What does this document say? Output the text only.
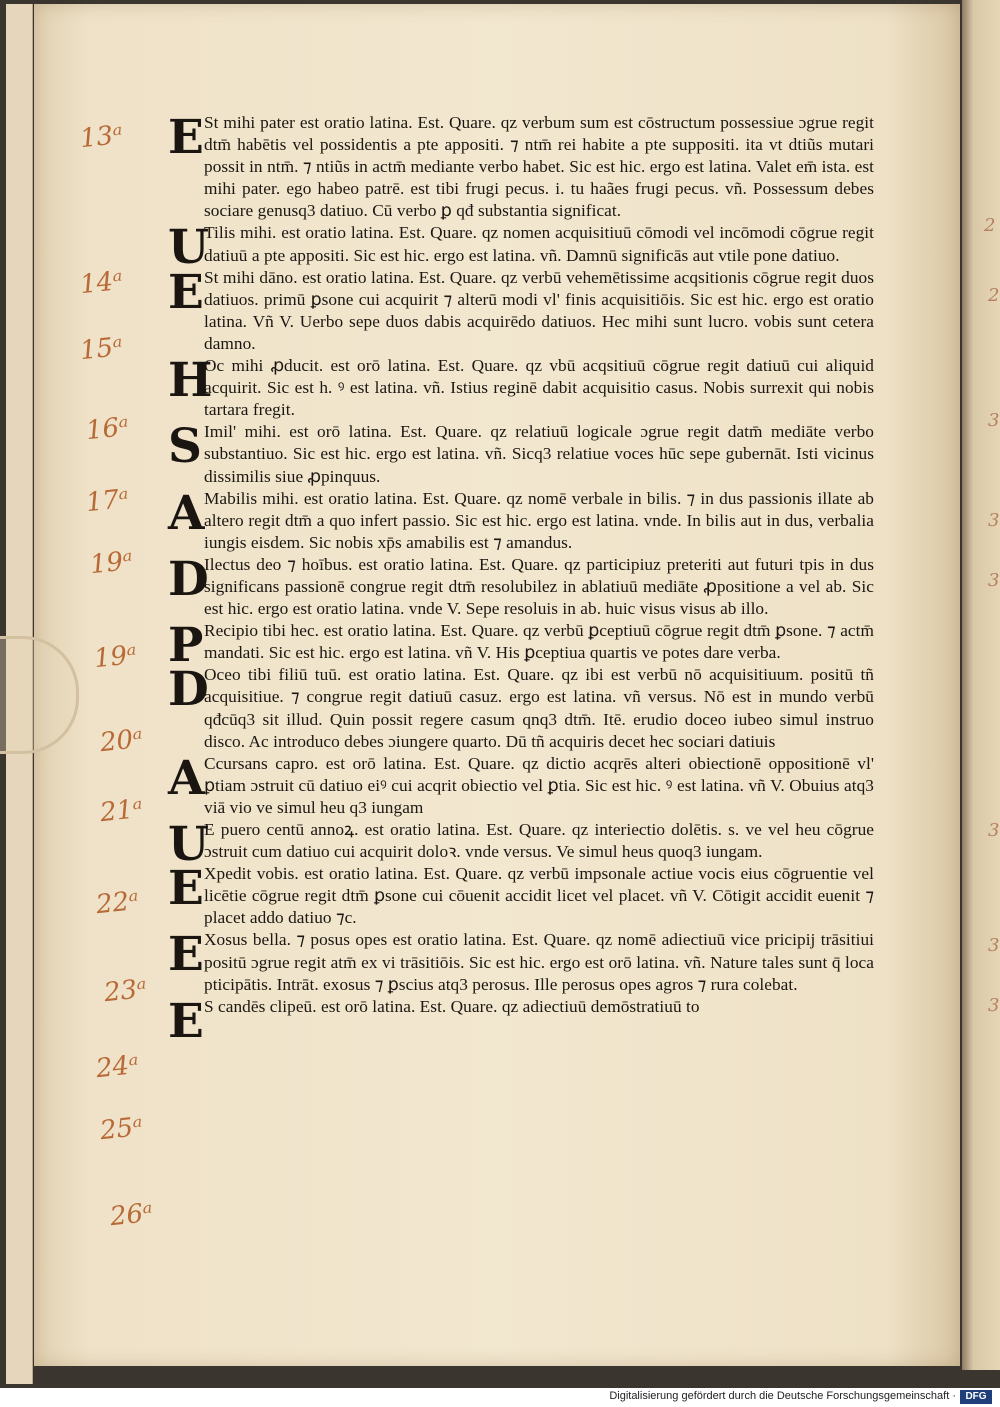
2
2
3
3
3
3
3
3
13ᵃ
14ᵃ
15ᵃ
16ᵃ
17ᵃ
19ᵃ
19ᵃ
20ᵃ
21ᵃ
22ᵃ
23ᵃ
24ᵃ
25ᵃ
26ᵃ
E St mihi pater est oratio latina. Est. Quare. qz verbum sum est cōstructum possessiue ɔgrue regit dtm̄ habētis vel possidentis a pte appositi. ⁊ ntm̄ rei habite a pte suppositi. ita vt dtiũs mutari possit in ntm̄. ⁊ ntiũs in actm̄ mediante verbo habet. Sic est hic. ergo est latina. Valet em̄ ista. est mihi pater. ego habeo patrē. est tibi frugi pecus. i. tu haães frugi pecus. vñ. Possessum debes sociare genusq3 datiuo. Cū verbo ꝑ qđ substantia significat.

U

Tilis mihi. est oratio latina. Est. Quare. qz nomen acquisitiuū cōmodi vel incōmodi cōgrue regit datiuū a pte appositi. Sic est hic. ergo est latina. vñ. Damnū significās aut vtile pone datiuo.

E St mihi dāno. est oratio latina. Est. Quare. qz verbū vehemētissime acqsitionis cōgrue regit duos datiuos. primū ꝑsone cui acquirit ⁊ alterū modi vl' finis acquisitiōis. Sic est hic. ergo est oratio latina. Vñ V. Uerbo sepe duos dabis acquirēdo datiuos. Hec mihi sunt lucro. vobis sunt cetera damno.

H

Oc mihi ꝓducit. est orō latina. Est. Quare. qz vbū acqsitiuū cōgrue regit datiuū cui aliquid acquirit. Sic est h. ꝰ est latina. vñ. Istius reginē dabit acquisitio casus. Nobis surrexit qui nobis tartara fregit.

S Imil' mihi. est orō latina. Est. Quare. qz relatiuū logicale ɔgrue regit datm̄ mediāte verbo substantiuo. Sic est hic. ergo est latina. vñ. Sicq3 relatiue voces hūc sepe gubernāt. Isti vicinus dissimilis siue ꝓpinquus.

A Mabilis mihi. est oratio latina. Est. Quare. qz nomē verbale in bilis. ⁊ in dus passionis illate ab altero regit dtm̄ a quo infert passio. Sic est hic. ergo est latina. vnde. In bilis aut in dus, verbalia iungis eisdem. Sic nobis xp̄s amabilis est ⁊ amandus.

D

Ilectus deo ⁊ hoībus. est oratio latina. Est. Quare. qz participiuz preteriti aut futuri tpis in dus significans passionē congrue regit dtm̄ resolubilez in ablatiuū mediāte ꝓpositione a vel ab. Sic est hic. ergo est oratio latina. vnde V. Sepe resoluis in ab. huic visus visus ab illo.

P Recipio tibi hec. est oratio latina. Est. Quare. qz verbū ꝑceptiuū cōgrue regit dtm̄ ꝑsone. ⁊ actm̄ mandati. Sic est hic. ergo est latina. vñ V. His ꝑceptiua quartis ve potes dare verba.

D

Oceo tibi filiū tuū. est oratio latina. Est. Quare. qz ibi est verbū nō acquisitiuum. positū tñ acquisitiue. ⁊ congrue regit datiuū casuz. ergo est latina. vñ versus. Nō est in mundo verbū qđcūq3 sit illud. Quin possit regere casum qnq3 dtm̄. Itē. erudio doceo iubeo simul instruo disco. Ac introduco debes ɔiungere quarto. Dū tñ acquiris decet hec sociari datiuis

A Ccursans capro. est orō latina. Est. Quare. qz dictio acqrēs alteri obiectionē oppositionē vl' ꝑtiam ɔstruit cū datiuo eiꝰ cui acqrit obiectio vel ꝑtia. Sic est hic. ꝰ est latina. vñ V. Obuius atq3 viā vio ve simul heu q3 iungam

U

E puero centū annoꝝ. est oratio latina. Est. Quare. qz interiectio dolētis. s. ve vel heu cōgrue ɔstruit cum datiuo cui acquirit doloꝛ. vnde versus. Ve simul heus quoq3 iungam.

E Xpedit vobis. est oratio latina. Est. Quare. qz verbū impsonale actiue vocis eius cōgruentie vel licētie cōgrue regit dtm̄ ꝑsone cui cōuenit accidit licet vel placet. vñ V. Cōtigit accidit euenit ⁊ placet addo datiuo ⁊c.

E Xosus bella. ⁊ posus opes est oratio latina. Est. Quare. qz nomē adiectiuū vice pricipij trāsitiui positū ɔgrue regit atm̄ ex vi trāsitiōis. Sic est hic. ergo est orō latina. vñ. Nature tales sunt q̄ loca pticipātis. Intrāt. exosus ⁊ ꝑscius atq3 perosus. Ille perosus opes agros ⁊ rura colebat.

E S candēs clipeū. est orō latina. Est. Quare. qz adiectiuū demōstratiuū to

Digitalisierung gefördert durch die Deutsche Forschungsgemeinschaft · DFG
